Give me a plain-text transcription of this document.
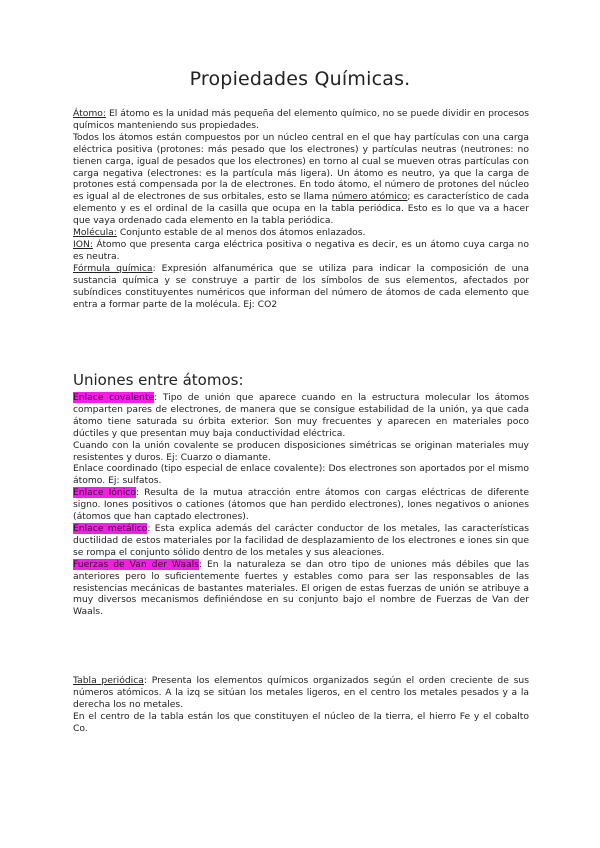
Propiedades Químicas.

Átomo: El átomo es la unidad más pequeña del elemento químico, no se puede dividir en procesos químicos manteniendo sus propiedades.

Todos los átomos están compuestos por un núcleo central en el que hay partículas con una carga eléctrica positiva (protones: más pesado que los electrones) y partículas neutras (neutrones: no tienen carga, igual de pesados que los electrones) en torno al cual se mueven otras partículas con carga negativa (electrones: es la partícula más ligera). Un átomo es neutro, ya que la carga de protones está compensada por la de electrones. En todo átomo, el número de protones del núcleo es igual al de electrones de sus orbitales, esto se llama número atómico; es característico de cada elemento y es el ordinal de la casilla que ocupa en la tabla periódica. Esto es lo que va a hacer que vaya ordenado cada elemento en la tabla periódica.

Molécula: Conjunto estable de al menos dos átomos enlazados.

ION: Átomo que presenta carga eléctrica positiva o negativa es decir, es un átomo cuya carga no es neutra.

Fórmula química: Expresión alfanumérica que se utiliza para indicar la composición de una sustancia química y se construye a partir de los símbolos de sus elementos, afectados por subíndices constituyentes numéricos que informan del número de átomos de cada elemento que entra a formar parte de la molécula. Ej: CO2

Uniones entre átomos:

Enlace covalente: Tipo de unión que aparece cuando en la estructura molecular los átomos comparten pares de electrones, de manera que se consigue estabilidad de la unión, ya que cada átomo tiene saturada su órbita exterior. Son muy frecuentes y aparecen en materiales poco dúctiles y que presentan muy baja conductividad eléctrica.

Cuando con la unión covalente se producen disposiciones simétricas se originan materiales muy resistentes y duros. Ej: Cuarzo o diamante.

Enlace coordinado (tipo especial de enlace covalente): Dos electrones son aportados por el mismo átomo. Ej: sulfatos.

Enlace Iónico: Resulta de la mutua atracción entre átomos con cargas eléctricas de diferente signo. Iones positivos o cationes (átomos que han perdido electrones), Iones negativos o aniones (átomos que han captado electrones).

Enlace metálico: Esta explica además del carácter conductor de los metales, las características ductilidad de estos materiales por la facilidad de desplazamiento de los electrones e iones sin que se rompa el conjunto sólido dentro de los metales y sus aleaciones.

Fuerzas de Van der Waals: En la naturaleza se dan otro tipo de uniones más débiles que las anteriores pero lo suficientemente fuertes y estables como para ser las responsables de las resistencias mecánicas de bastantes materiales. El origen de estas fuerzas de unión se atribuye a muy diversos mecanismos definiéndose en su conjunto bajo el nombre de Fuerzas de Van der Waals.

Tabla periódica: Presenta los elementos químicos organizados según el orden creciente de sus números atómicos. A la izq se sitúan los metales ligeros, en el centro los metales pesados y a la derecha los no metales.

En el centro de la tabla están los que constituyen el núcleo de la tierra, el hierro Fe y el cobalto Co.
